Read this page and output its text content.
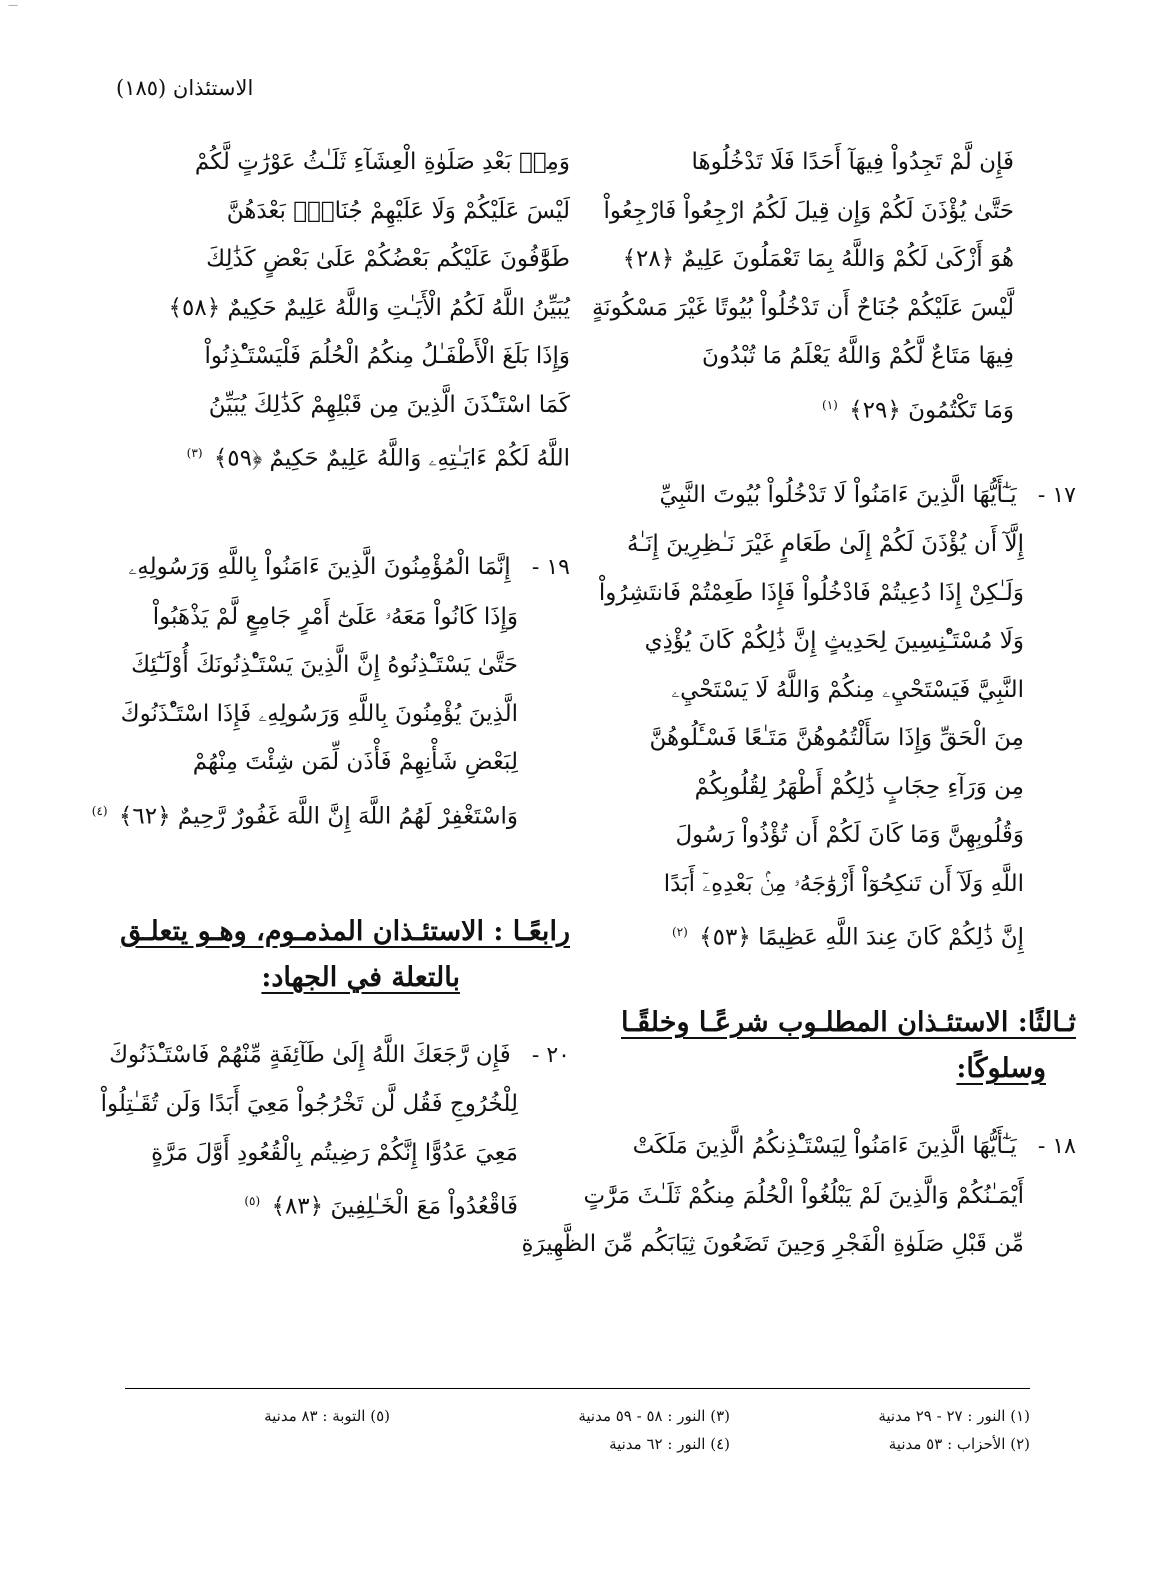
—
الاستئذان (١٨٥)
فَإِن لَّمْ تَجِدُواْ فِيهَآ أَحَدًا فَلَا تَدْخُلُوهَا
حَتَّىٰ يُؤْذَنَ لَكُمْ وَإِن قِيلَ لَكُمُ ارْجِعُواْ فَارْجِعُواْ
هُوَ أَزْكَىٰ لَكُمْ وَاللَّهُ بِمَا تَعْمَلُونَ عَلِيمٌ ﴿٢٨﴾
لَّيْسَ عَلَيْكُمْ جُنَاحٌ أَن تَدْخُلُواْ بُيُوتًا غَيْرَ مَسْكُونَةٍ
فِيهَا مَتَاعٌ لَّكُمْ وَاللَّهُ يَعْلَمُ مَا تُبْدُونَ
وَمَا تَكْتُمُونَ ﴿٢٩﴾ $^{(١)}$
١٧ - يَـٰٓأَيُّهَا الَّذِينَ ءَامَنُواْ لَا تَدْخُلُواْ بُيُوتَ النَّبِيِّ
إِلَّآ أَن يُؤْذَنَ لَكُمْ إِلَىٰ طَعَامٍ غَيْرَ نَـٰظِرِينَ إِنَـٰهُ
وَلَـٰكِنْ إِذَا دُعِيتُمْ فَادْخُلُواْ فَإِذَا طَعِمْتُمْ فَانتَشِرُواْ
وَلَا مُسْتَـْٔنِسِينَ لِحَدِيثٍ إِنَّ ذَٰلِكُمْ كَانَ يُؤْذِي
النَّبِيَّ فَيَسْتَحْيِۦ مِنكُمْ وَاللَّهُ لَا يَسْتَحْيِۦ
مِنَ الْحَقِّ وَإِذَا سَأَلْتُمُوهُنَّ مَتَـٰعًا فَسْـَٔلُوهُنَّ
مِن وَرَآءِ حِجَابٍ ذَٰلِكُمْ أَطْهَرُ لِقُلُوبِكُمْ
وَقُلُوبِهِنَّ وَمَا كَانَ لَكُمْ أَن تُؤْذُواْ رَسُولَ
اللَّهِ وَلَآ أَن تَنكِحُوٓاْ أَزْوَٰجَهُۥ مِنۢ بَعْدِهِۦٓ أَبَدًا
إِنَّ ذَٰلِكُمْ كَانَ عِندَ اللَّهِ عَظِيمًا ﴿٥٣﴾ $^{(٢)}$
ثـالثًا: الاستئـذان المطلـوب شرعًـا وخلقًـا
وسلوكًا:
١٨ - يَـٰٓأَيُّهَا الَّذِينَ ءَامَنُواْ لِيَسْتَـْٔذِنكُمُ الَّذِينَ مَلَكَتْ
أَيْمَـٰنُكُمْ وَالَّذِينَ لَمْ يَبْلُغُواْ الْحُلُمَ مِنكُمْ ثَلَـٰثَ مَرَّٰتٍ
مِّن قَبْلِ صَلَوٰةِ الْفَجْرِ وَحِينَ تَضَعُونَ ثِيَابَكُم مِّنَ الظَّهِيرَةِ
وَمِنۢ بَعْدِ صَلَوٰةِ الْعِشَآءِ ثَلَـٰثُ عَوْرَٰتٍ لَّكُمْ
لَيْسَ عَلَيْكُمْ وَلَا عَلَيْهِمْ جُنَاحٌۢ بَعْدَهُنَّ
طَوَّٰفُونَ عَلَيْكُم بَعْضُكُمْ عَلَىٰ بَعْضٍ كَذَٰلِكَ
يُبَيِّنُ اللَّهُ لَكُمُ الْأَيَـٰتِ وَاللَّهُ عَلِيمٌ حَكِيمٌ ﴿٥٨﴾
وَإِذَا بَلَغَ الْأَطْفَـٰلُ مِنكُمُ الْحُلُمَ فَلْيَسْتَـْٔذِنُواْ
كَمَا اسْتَـْٔذَنَ الَّذِينَ مِن قَبْلِهِمْ كَذَٰلِكَ يُبَيِّنُ
اللَّهُ لَكُمْ ءَايَـٰتِهِۦ وَاللَّهُ عَلِيمٌ حَكِيمٌ ﴿٥٩﴾ $^{(٣)}$
١٩ - إِنَّمَا الْمُؤْمِنُونَ الَّذِينَ ءَامَنُواْ بِاللَّهِ وَرَسُولِهِۦ
وَإِذَا كَانُواْ مَعَهُۥ عَلَىٰٓ أَمْرٍ جَامِعٍ لَّمْ يَذْهَبُواْ
حَتَّىٰ يَسْتَـْٔذِنُوهُ إِنَّ الَّذِينَ يَسْتَـْٔذِنُونَكَ أُوْلَـٰٓئِكَ
الَّذِينَ يُؤْمِنُونَ بِاللَّهِ وَرَسُولِهِۦ فَإِذَا اسْتَـْٔذَنُوكَ
لِبَعْضِ شَأْنِهِمْ فَأْذَن لِّمَن شِئْتَ مِنْهُمْ
وَاسْتَغْفِرْ لَهُمُ اللَّهَ إِنَّ اللَّهَ غَفُورٌ رَّحِيمٌ ﴿٦٢﴾ $^{(٤)}$
رابعًـا : الاستئـذان المذمـوم، وهـو يتعلـق
بالتعلة في الجهاد:
٢٠ - فَإِن رَّجَعَكَ اللَّهُ إِلَىٰ طَآئِفَةٍ مِّنْهُمْ فَاسْتَـْٔذَنُوكَ
لِلْخُرُوجِ فَقُل لَّن تَخْرُجُواْ مَعِيَ أَبَدًا وَلَن تُقَـٰتِلُواْ
مَعِيَ عَدُوًّا إِنَّكُمْ رَضِيتُم بِالْقُعُودِ أَوَّلَ مَرَّةٍ
فَاقْعُدُواْ مَعَ الْخَـٰلِفِينَ ﴿٨٣﴾ $^{(٥)}$
(١) النور : ٢٧ - ٢٩ مدنية
(٢) الأحزاب : ٥٣ مدنية
(٣) النور : ٥٨ - ٥٩ مدنية
(٤) النور : ٦٢ مدنية
(٥) التوبة : ٨٣ مدنية
